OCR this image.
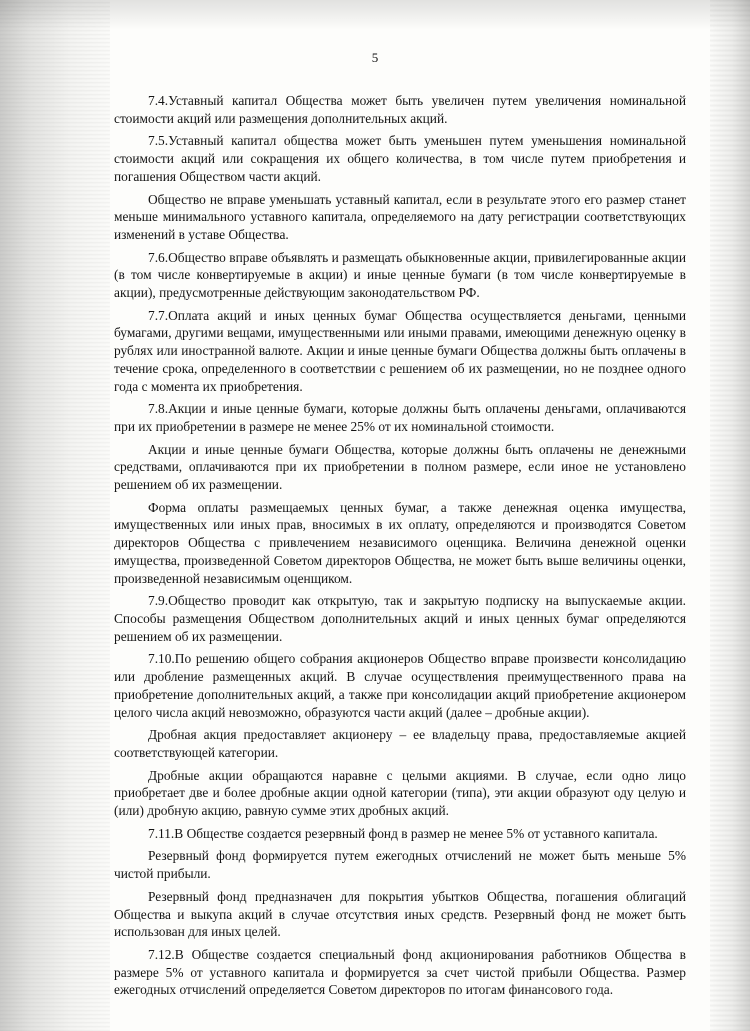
5

7.4.Уставный капитал Общества может быть увеличен путем увеличения номинальной стоимости акций или размещения дополнительных акций.

7.5.Уставный капитал общества может быть уменьшен путем уменьшения номинальной стоимости акций или сокращения их общего количества, в том числе путем приобретения и погашения Обществом части акций.

Общество не вправе уменьшать уставный капитал, если в результате этого его размер станет меньше минимального уставного капитала, определяемого на дату регистрации соответствующих изменений в уставе Общества.

7.6.Общество вправе объявлять и размещать обыкновенные акции, привилегированные акции (в том числе конвертируемые в акции) и иные ценные бумаги (в том числе конвертируемые в акции), предусмотренные действующим законодательством РФ.

7.7.Оплата акций и иных ценных бумаг Общества осуществляется деньгами, ценными бумагами, другими вещами, имущественными или иными правами, имеющими денежную оценку в рублях или иностранной валюте. Акции и иные ценные бумаги Общества должны быть оплачены в течение срока, определенного в соответствии с решением об их размещении, но не позднее одного года с момента их приобретения.

7.8.Акции и иные ценные бумаги, которые должны быть оплачены деньгами, оплачиваются при их приобретении в размере не менее 25% от их номинальной стоимости.

Акции и иные ценные бумаги Общества, которые должны быть оплачены не денежными средствами, оплачиваются при их приобретении в полном размере, если иное не установлено решением об их размещении.

Форма оплаты размещаемых ценных бумаг, а также денежная оценка имущества, имущественных или иных прав, вносимых в их оплату, определяются и производятся Советом директоров Общества с привлечением независимого оценщика. Величина денежной оценки имущества, произведенной Советом директоров Общества, не может быть выше величины оценки, произведенной независимым оценщиком.

7.9.Общество проводит как открытую, так и закрытую подписку на выпускаемые акции. Способы размещения Обществом дополнительных акций и иных ценных бумаг определяются решением об их размещении.

7.10.По решению общего собрания акционеров Общество вправе произвести консолидацию или дробление размещенных акций. В случае осуществления преимущественного права на приобретение дополнительных акций, а также при консолидации акций приобретение акционером целого числа акций невозможно, образуются части акций (далее – дробные акции).

Дробная акция предоставляет акционеру – ее владельцу права, предоставляемые акцией соответствующей категории.

Дробные акции обращаются наравне с целыми акциями. В случае, если одно лицо приобретает две и более дробные акции одной категории (типа), эти акции образуют оду целую и (или) дробную акцию, равную сумме этих дробных акций.

7.11.В Обществе создается резервный фонд в размер не менее 5% от уставного капитала.

Резервный фонд формируется путем ежегодных отчислений не может быть меньше 5% чистой прибыли.

Резервный фонд предназначен для покрытия убытков Общества, погашения облигаций Общества и выкупа акций в случае отсутствия иных средств. Резервный фонд не может быть использован для иных целей.

7.12.В Обществе создается специальный фонд акционирования работников Общества в размере 5% от уставного капитала и формируется за счет чистой прибыли Общества. Размер ежегодных отчислений определяется Советом директоров по итогам финансового года.
